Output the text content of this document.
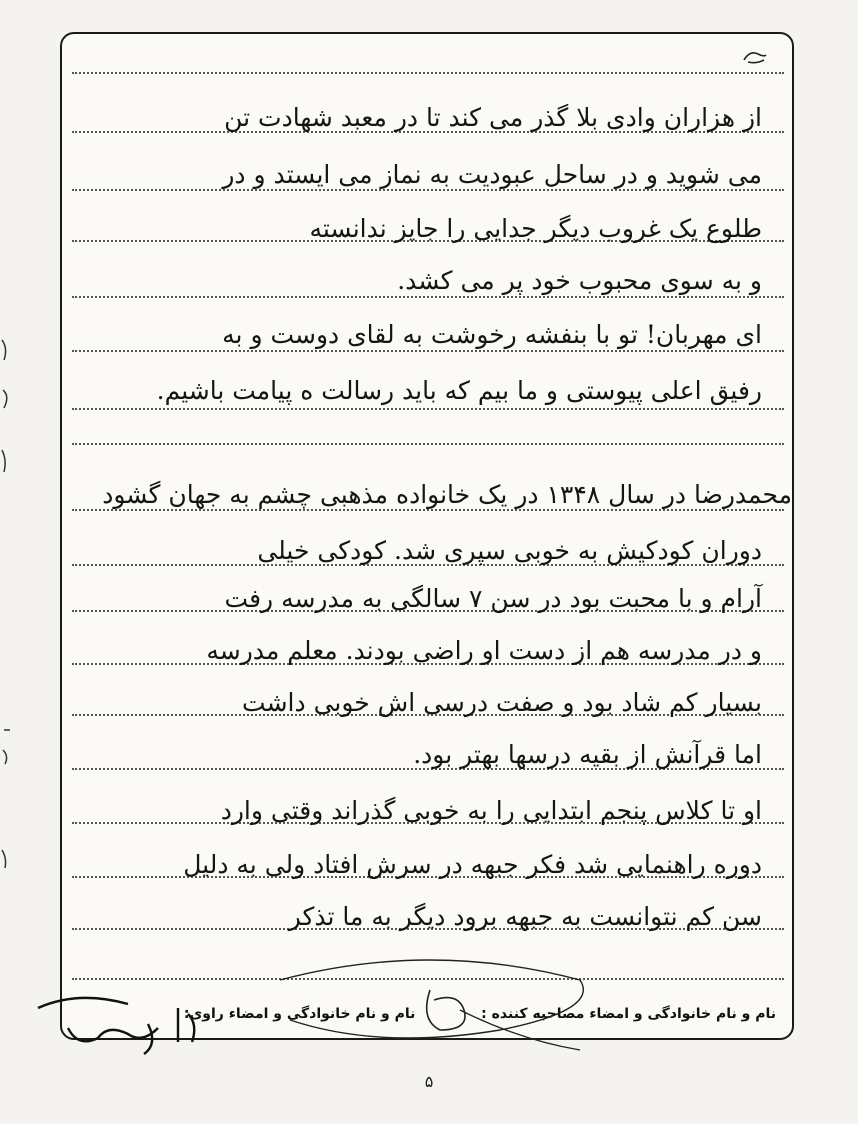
از هزاران وادی بلا گذر می کند تا در معبد شهادت تن
می شوید و در ساحل عبودیت به نماز می ایستد و در
طلوع یک غروب دیگر جدایی را جایز ندانسته
و به سوی محبوب خود پر می کشد.
ای مهربان! تو با بنفشه رخوشت به لقای دوست و به
رفیق اعلی پیوستی و ما بیم که باید رسالت ه پیامت باشیم.
محمدرضا در سال ۱۳۴۸ در یک خانواده مذهبی چشم به جهان گشود
دوران کودکیش به خوبی سپری شد. کودکی خیلی
آرام و با محبت بود در سن ۷ سالگی به مدرسه رفت
و در مدرسه هم از دست او راضی بودند. معلم مدرسه
بسیار کم شاد بود و صفت درسی اش خوبی داشت
اما قرآنش از بقیه درسها بهتر بود.
او تا کلاس پنجم ابتدایی را به خوبی گذراند وقتی وارد
دوره راهنمایی شد فکر جبهه در سرش افتاد ولی به دلیل
سن کم نتوانست به جبهه برود دیگر به ما تذکر
نام و نام خانوادگی و امضاء مصاحبه کننده :  نام و نام خانوادگی و امضاء راوی:
۵
